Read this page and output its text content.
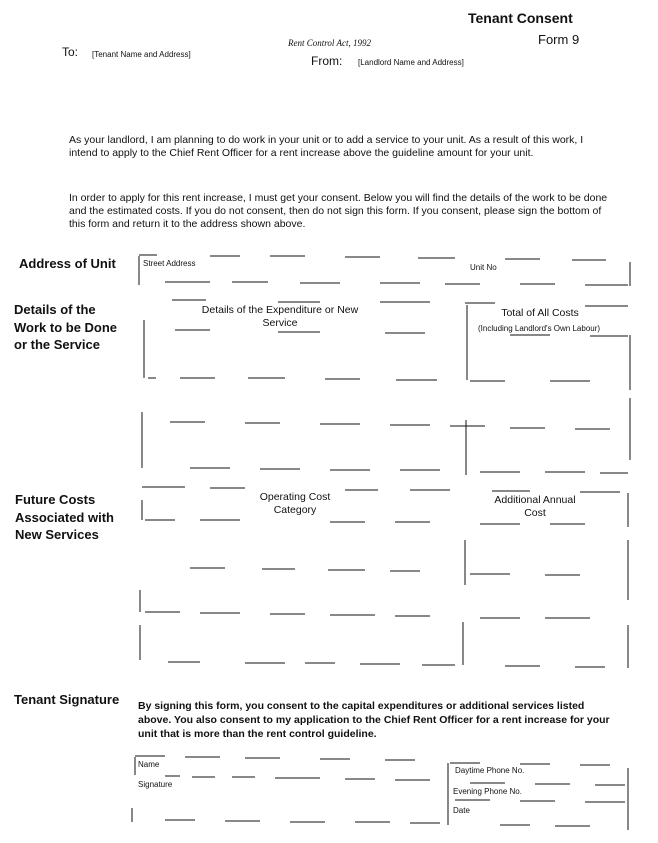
Tenant Consent
Form 9
Rent Control Act, 1992
To: [Tenant Name and Address]	From: [Landlord Name and Address]
As your landlord, I am planning to do work in your unit or to add a service to your unit. As a result of this work, I intend to apply to the Chief Rent Officer for a rent increase above the guideline amount for your unit.
In order to apply for this rent increase, I must get your consent. Below you will find the details of the work to be done and the estimated costs. If you do not consent, then do not sign this form. If you consent, please sign the bottom of this form and return it to the address shown above.
Address of Unit
Details of the Work to be Done or the Service
Future Costs Associated with New Services
Tenant Signature
Street Address	Unit No
Details of the Expenditure or New Service
Total of All Costs
(Including Landlord's Own Labour)
Operating Cost Category
Additional Annual Cost
By signing this form, you consent to the capital expenditures or additional services listed above. You also consent to my application to the Chief Rent Officer for a rent increase for your unit that is more than the rent control guideline.
Name
Signature
Daytime Phone No.
Evening Phone No.
Date
